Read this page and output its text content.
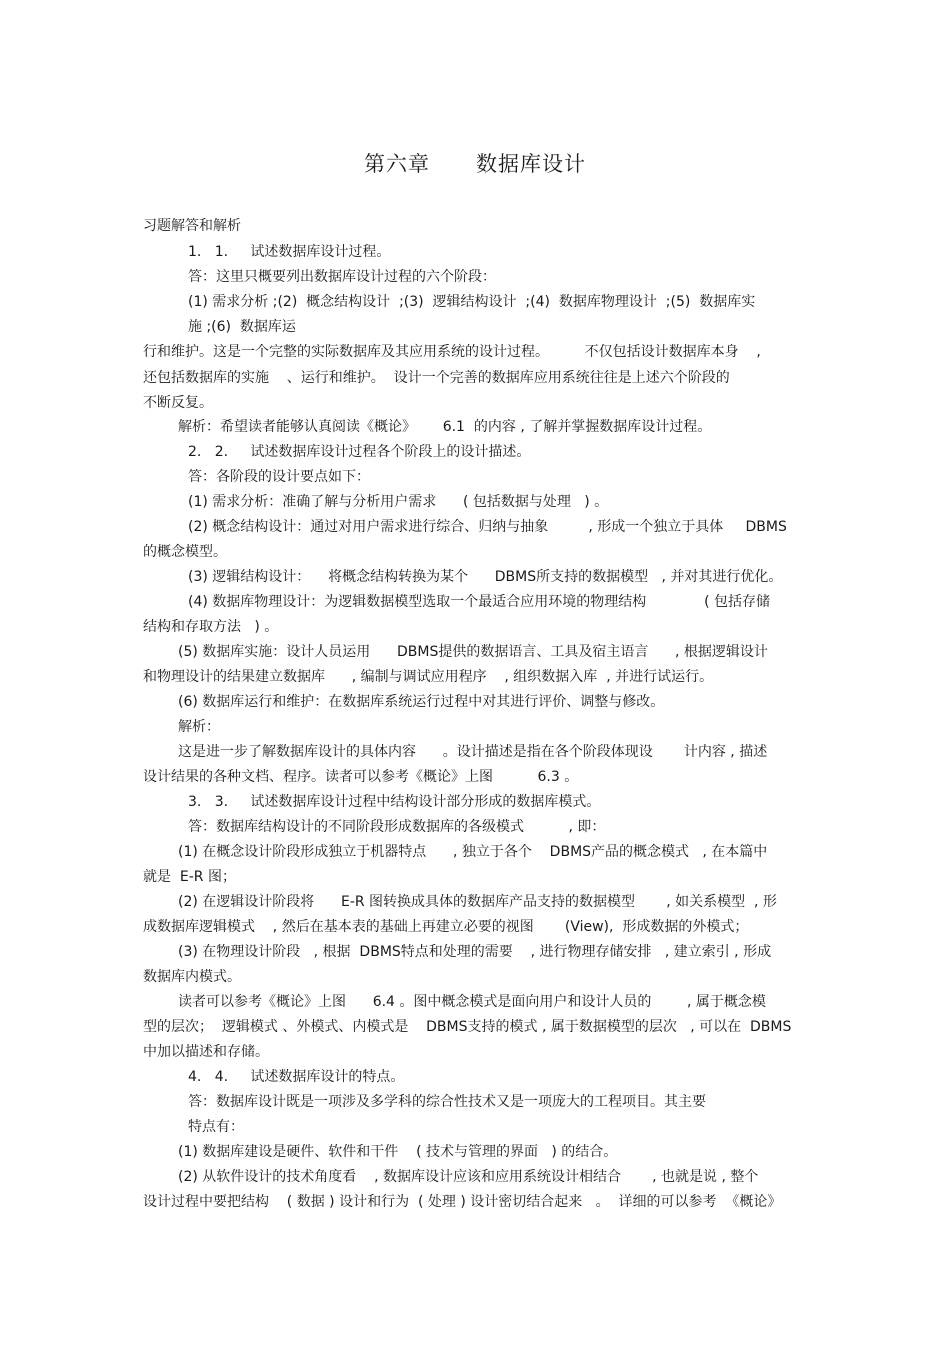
第六章      数据库设计
习题解答和解析
1.   1.     试述数据库设计过程。
答：这里只概要列出数据库设计过程的六个阶段：
(1) 需求分析 ;(2)  概念结构设计  ;(3)  逻辑结构设计  ;(4)  数据库物理设计  ;(5)  数据库实
施 ;(6)  数据库运
行和维护。这是一个完整的实际数据库及其应用系统的设计过程。        不仅包括设计数据库本身    ,
还包括数据库的实施    、运行和维护。  设计一个完善的数据库应用系统往往是上述六个阶段的
不断反复。
解析：希望读者能够认真阅读《概论》      6.1  的内容 , 了解并掌握数据库设计过程。
2.   2.     试述数据库设计过程各个阶段上的设计描述。
答：各阶段的设计要点如下：
(1) 需求分析：准确了解与分析用户需求      ( 包括数据与处理   ) 。
(2) 概念结构设计：通过对用户需求进行综合、归纳与抽象         , 形成一个独立于具体     DBMS
的概念模型。
(3) 逻辑结构设计：    将概念结构转换为某个      DBMS所支持的数据模型   , 并对其进行优化。
(4) 数据库物理设计：为逻辑数据模型选取一个最适合应用环境的物理结构             ( 包括存储
结构和存取方法   ) 。
(5) 数据库实施：设计人员运用      DBMS提供的数据语言、工具及宿主语言      , 根据逻辑设计
和物理设计的结果建立数据库      , 编制与调试应用程序    , 组织数据入库  , 并进行试运行。
(6) 数据库运行和维护：在数据库系统运行过程中对其进行评价、调整与修改。
解析：
这是进一步了解数据库设计的具体内容      。设计描述是指在各个阶段体现设       计内容 , 描述
设计结果的各种文档、程序。读者可以参考《概论》上图          6.3 。
3.   3.     试述数据库设计过程中结构设计部分形成的数据库模式。
答：数据库结构设计的不同阶段形成数据库的各级模式          , 即：
(1) 在概念设计阶段形成独立于机器特点      , 独立于各个    DBMS产品的概念模式   , 在本篇中
就是  E-R 图；
(2) 在逻辑设计阶段将      E-R 图转换成具体的数据库产品支持的数据模型       , 如关系模型  , 形
成数据库逻辑模式    , 然后在基本表的基础上再建立必要的视图       (View),  形成数据的外模式；
(3) 在物理设计阶段   , 根据  DBMS特点和处理的需要    , 进行物理存储安排   , 建立索引 , 形成
数据库内模式。
读者可以参考《概论》上图      6.4 。图中概念模式是面向用户和设计人员的        , 属于概念模
型的层次；  逻辑模式 、外模式、内模式是    DBMS支持的模式 , 属于数据模型的层次   , 可以在  DBMS
中加以描述和存储。
4.   4.     试述数据库设计的特点。
答：数据库设计既是一项涉及多学科的综合性技术又是一项庞大的工程项目。其主要
特点有：
(1) 数据库建设是硬件、软件和干件    ( 技术与管理的界面   ) 的结合。
(2) 从软件设计的技术角度看    , 数据库设计应该和应用系统设计相结合       , 也就是说 , 整个
设计过程中要把结构    ( 数据 ) 设计和行为  ( 处理 ) 设计密切结合起来   。  详细的可以参考  《概论》
